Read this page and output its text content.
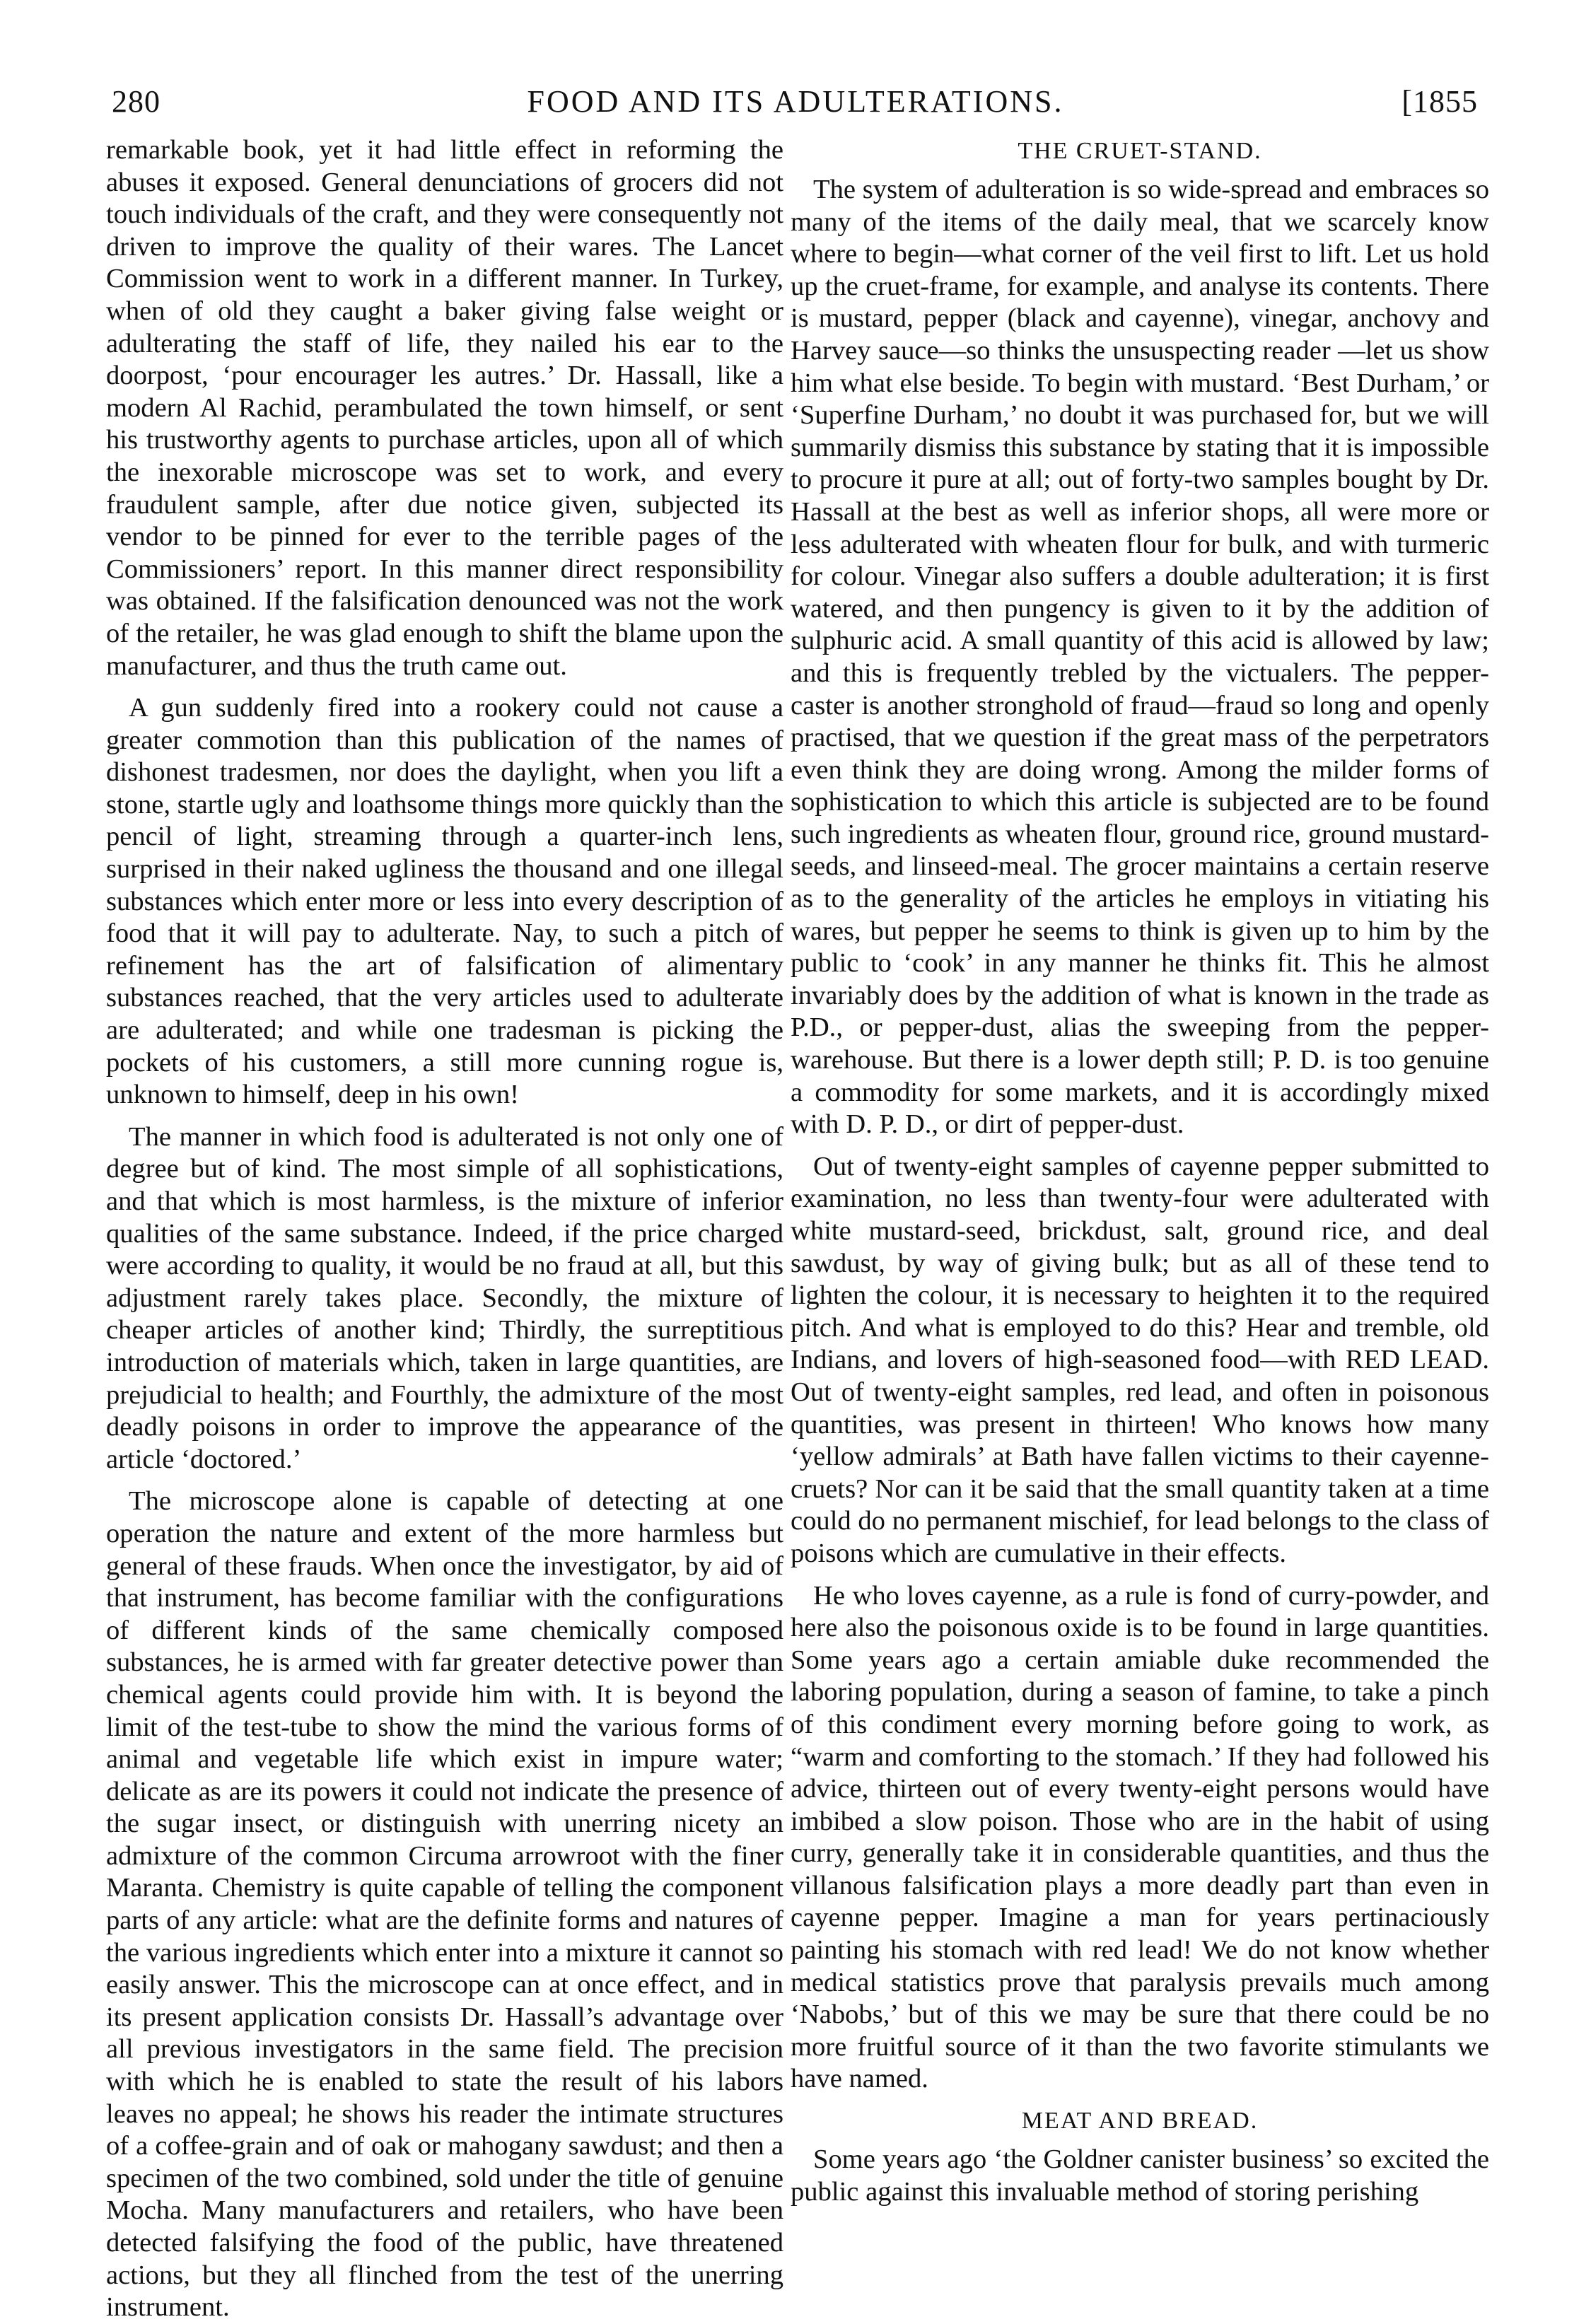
280	FOOD AND ITS ADULTERATIONS.	[1855

remarkable book, yet it had little effect in reforming the abuses it exposed. General denunciations of grocers did not touch individuals of the craft, and they were consequently not driven to improve the quality of their wares. The Lancet Commission went to work in a different manner. In Turkey, when of old they caught a baker giving false weight or adulterating the staff of life, they nailed his ear to the doorpost, ‘pour encourager les autres.’ Dr. Hassall, like a modern Al Rachid, perambulated the town himself, or sent his trustworthy agents to purchase articles, upon all of which the inexorable microscope was set to work, and every fraudulent sample, after due notice given, subjected its vendor to be pinned for ever to the terrible pages of the Commissioners’ report. In this manner direct responsibility was obtained. If the falsification denounced was not the work of the retailer, he was glad enough to shift the blame upon the manufacturer, and thus the truth came out.

A gun suddenly fired into a rookery could not cause a greater commotion than this publication of the names of dishonest tradesmen, nor does the daylight, when you lift a stone, startle ugly and loathsome things more quickly than the pencil of light, streaming through a quarter-inch lens, surprised in their naked ugliness the thousand and one illegal substances which enter more or less into every description of food that it will pay to adulterate. Nay, to such a pitch of refinement has the art of falsification of alimentary substances reached, that the very articles used to adulterate are adulterated; and while one tradesman is picking the pockets of his customers, a still more cunning rogue is, unknown to himself, deep in his own!

The manner in which food is adulterated is not only one of degree but of kind. The most simple of all sophistications, and that which is most harmless, is the mixture of inferior qualities of the same substance. Indeed, if the price charged were according to quality, it would be no fraud at all, but this adjustment rarely takes place. Secondly, the mixture of cheaper articles of another kind; Thirdly, the surreptitious introduction of materials which, taken in large quantities, are prejudicial to health; and Fourthly, the admixture of the most deadly poisons in order to improve the appearance of the article ‘doctored.’

The microscope alone is capable of detecting at one operation the nature and extent of the more harmless but general of these frauds. When once the investigator, by aid of that instrument, has become familiar with the configurations of different kinds of the same chemically composed substances, he is armed with far greater detective power than chemical agents could provide him with. It is beyond the limit of the test-tube to show the mind the various forms of animal and vegetable life which exist in impure water; delicate as are its powers it could not indicate the presence of the sugar insect, or distinguish with unerring nicety an admixture of the common Circuma arrowroot with the finer Maranta. Chemistry is quite capable of telling the component parts of any article: what are the definite forms and natures of the various ingredients which enter into a mixture it cannot so easily answer. This the microscope can at once effect, and in its present application consists Dr. Hassall’s advantage over all previous investigators in the same field. The precision with which he is enabled to state the result of his labors leaves no appeal; he shows his reader the intimate structures of a coffee-grain and of oak or mahogany sawdust; and then a specimen of the two combined, sold under the title of genuine Mocha. Many manufacturers and retailers, who have been detected falsifying the food of the public, have threatened actions, but they all flinched from the test of the unerring instrument.

THE CRUET-STAND.

The system of adulteration is so wide-spread and embraces so many of the items of the daily meal, that we scarcely know where to begin—what corner of the veil first to lift. Let us hold up the cruet-frame, for example, and analyse its contents. There is mustard, pepper (black and cayenne), vinegar, anchovy and Harvey sauce—so thinks the unsuspecting reader —let us show him what else beside. To begin with mustard. ‘Best Durham,’ or ‘Superfine Durham,’ no doubt it was purchased for, but we will summarily dismiss this substance by stating that it is impossible to procure it pure at all; out of forty-two samples bought by Dr. Hassall at the best as well as inferior shops, all were more or less adulterated with wheaten flour for bulk, and with turmeric for colour. Vinegar also suffers a double adulteration; it is first watered, and then pungency is given to it by the addition of sulphuric acid. A small quantity of this acid is allowed by law; and this is frequently trebled by the victualers. The pepper-caster is another stronghold of fraud—fraud so long and openly practised, that we question if the great mass of the perpetrators even think they are doing wrong. Among the milder forms of sophistication to which this article is subjected are to be found such ingredients as wheaten flour, ground rice, ground mustard-seeds, and linseed-meal. The grocer maintains a certain reserve as to the generality of the articles he employs in vitiating his wares, but pepper he seems to think is given up to him by the public to ‘cook’ in any manner he thinks fit. This he almost invariably does by the addition of what is known in the trade as P.D., or pepper-dust, alias the sweeping from the pepper-warehouse. But there is a lower depth still; P. D. is too genuine a commodity for some markets, and it is accordingly mixed with D. P. D., or dirt of pepper-dust.

Out of twenty-eight samples of cayenne pepper submitted to examination, no less than twenty-four were adulterated with white mustard-seed, brickdust, salt, ground rice, and deal sawdust, by way of giving bulk; but as all of these tend to lighten the colour, it is necessary to heighten it to the required pitch. And what is employed to do this? Hear and tremble, old Indians, and lovers of high-seasoned food—with RED LEAD. Out of twenty-eight samples, red lead, and often in poisonous quantities, was present in thirteen! Who knows how many ‘yellow admirals’ at Bath have fallen victims to their cayenne-cruets? Nor can it be said that the small quantity taken at a time could do no permanent mischief, for lead belongs to the class of poisons which are cumulative in their effects.

He who loves cayenne, as a rule is fond of curry-powder, and here also the poisonous oxide is to be found in large quantities. Some years ago a certain amiable duke recommended the laboring population, during a season of famine, to take a pinch of this condiment every morning before going to work, as “warm and comforting to the stomach.’ If they had followed his advice, thirteen out of every twenty-eight persons would have imbibed a slow poison. Those who are in the habit of using curry, generally take it in considerable quantities, and thus the villanous falsification plays a more deadly part than even in cayenne pepper. Imagine a man for years pertinaciously painting his stomach with red lead! We do not know whether medical statistics prove that paralysis prevails much among ‘Nabobs,’ but of this we may be sure that there could be no more fruitful source of it than the two favorite stimulants we have named.

MEAT AND BREAD.

Some years ago ‘the Goldner canister business’ so excited the public against this invaluable method of storing perishing
